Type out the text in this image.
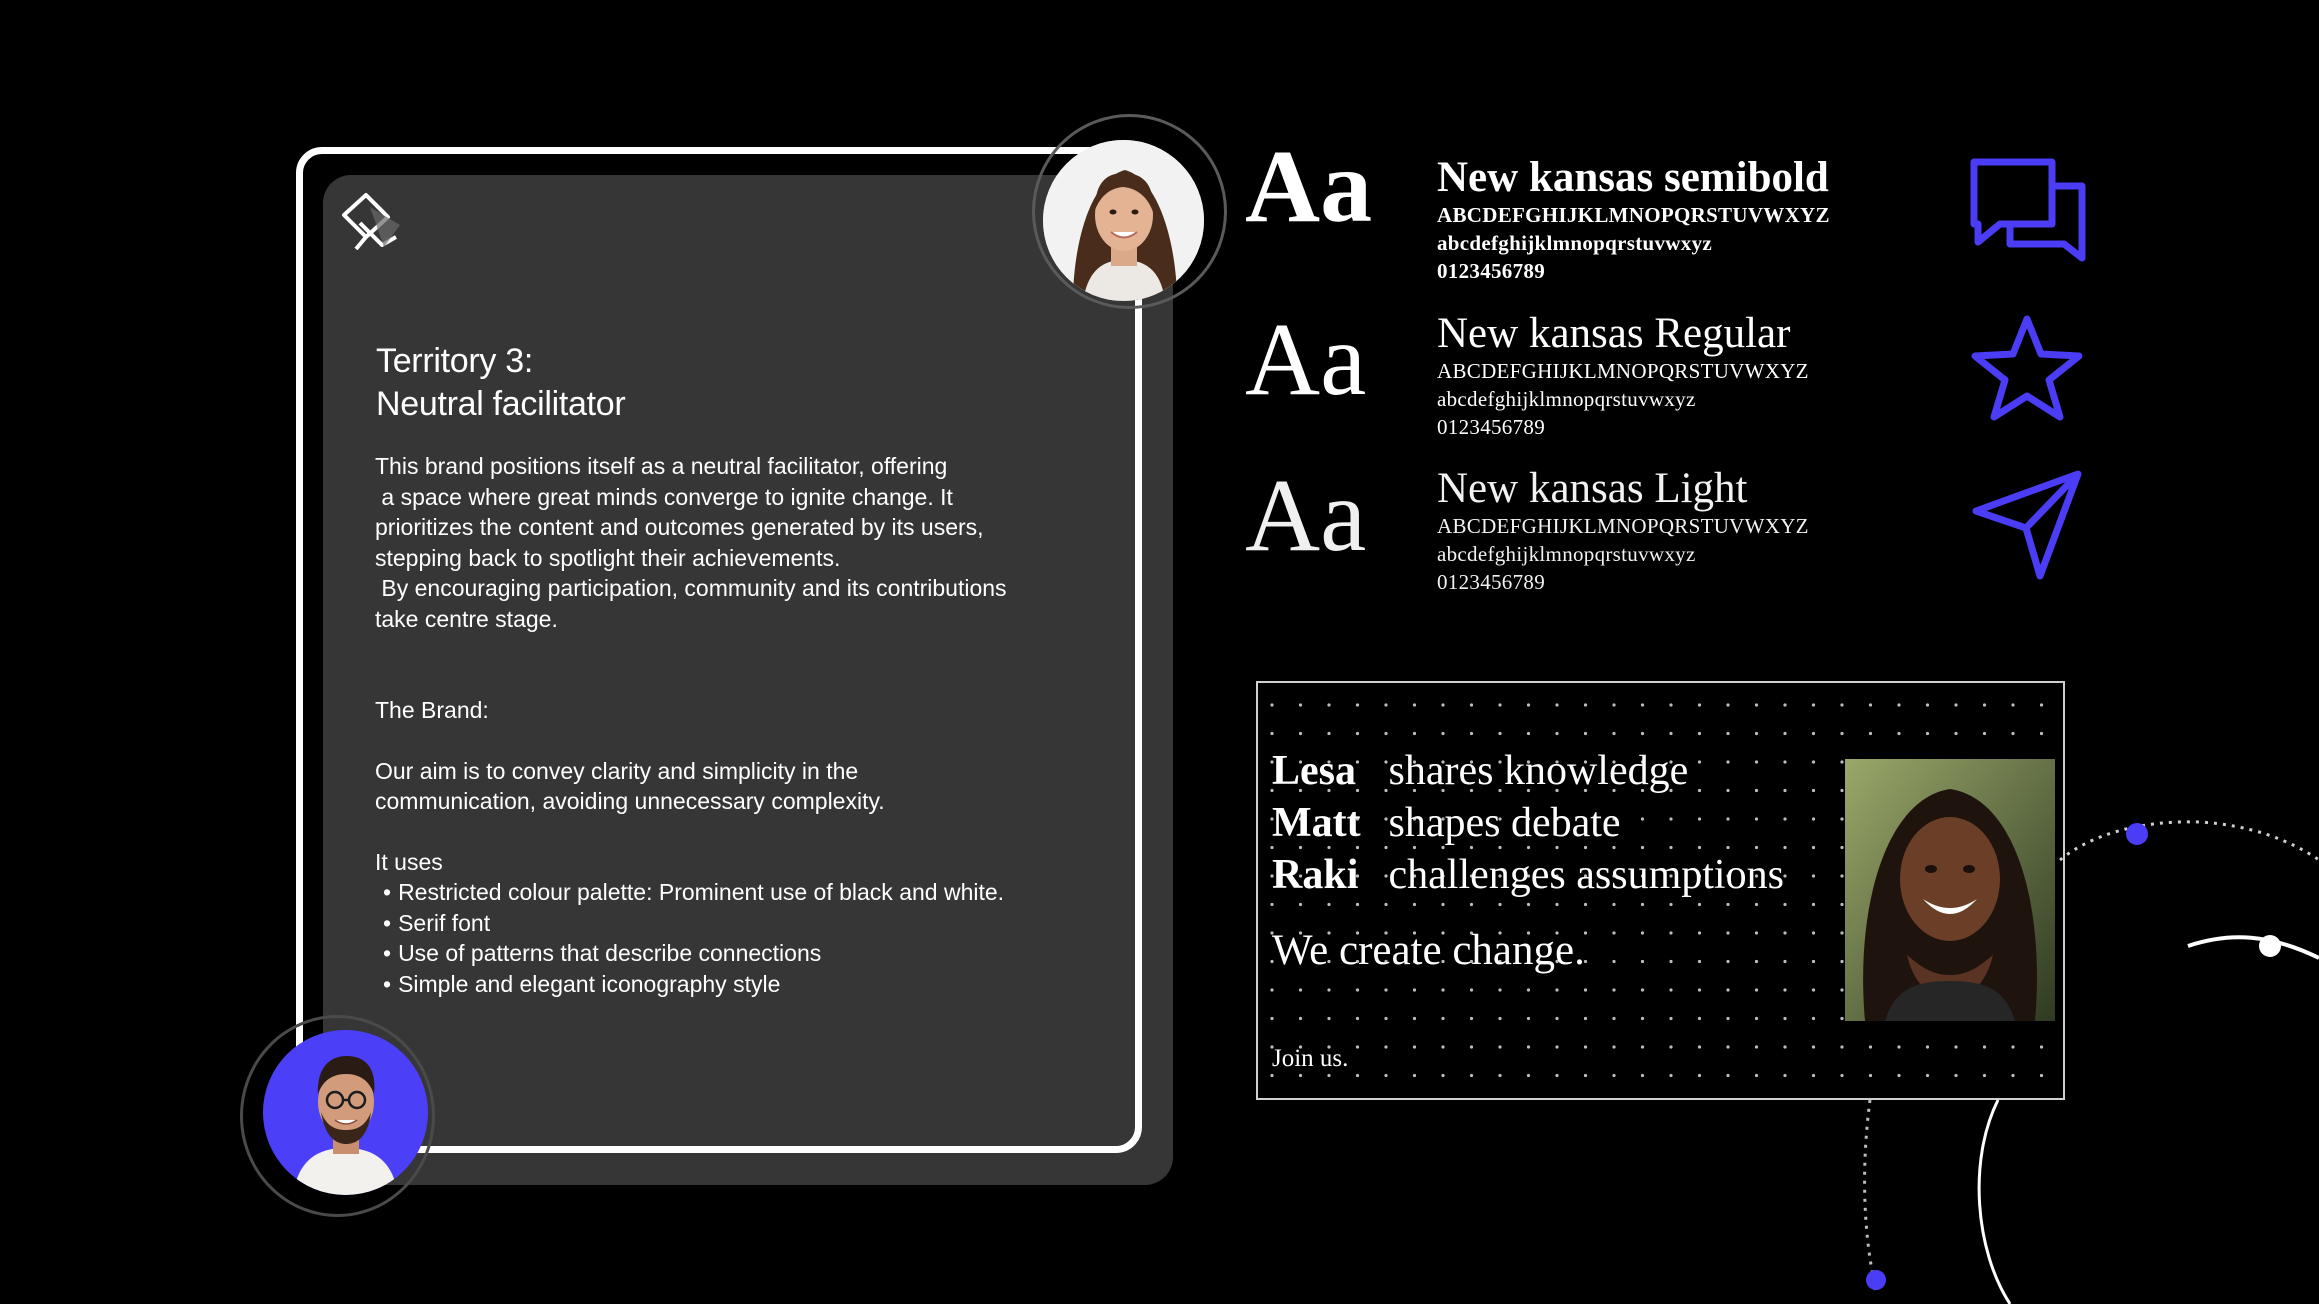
Territory 3:
Neutral facilitator

This brand positions itself as a neutral facilitator, offering
a space where great minds converge to ignite change. It
prioritizes the content and outcomes generated by its users,
stepping back to spotlight their achievements.
By encouraging participation, community and its contributions
take centre stage.

The Brand:

Our aim is to convey clarity and simplicity in the
communication, avoiding unnecessary complexity.

It uses

• Restricted colour palette: Prominent use of black and white.
• Serif font
• Use of patterns that describe connections
• Simple and elegant iconography style
Aa New kansas semibold
ABCDEFGHIJKLMNOPQRSTUVWXYZ
abcdefghijklmnopqrstuvwxyz
0123456789
Aa New kansas Regular
ABCDEFGHIJKLMNOPQRSTUVWXYZ
abcdefghijklmnopqrstuvwxyz
0123456789
Aa New kansas Light
ABCDEFGHIJKLMNOPQRSTUVWXYZ
abcdefghijklmnopqrstuvwxyz
0123456789
Lesa shares knowledge
Matt shapes debate
Raki challenges assumptions
We create change.
Join us.
